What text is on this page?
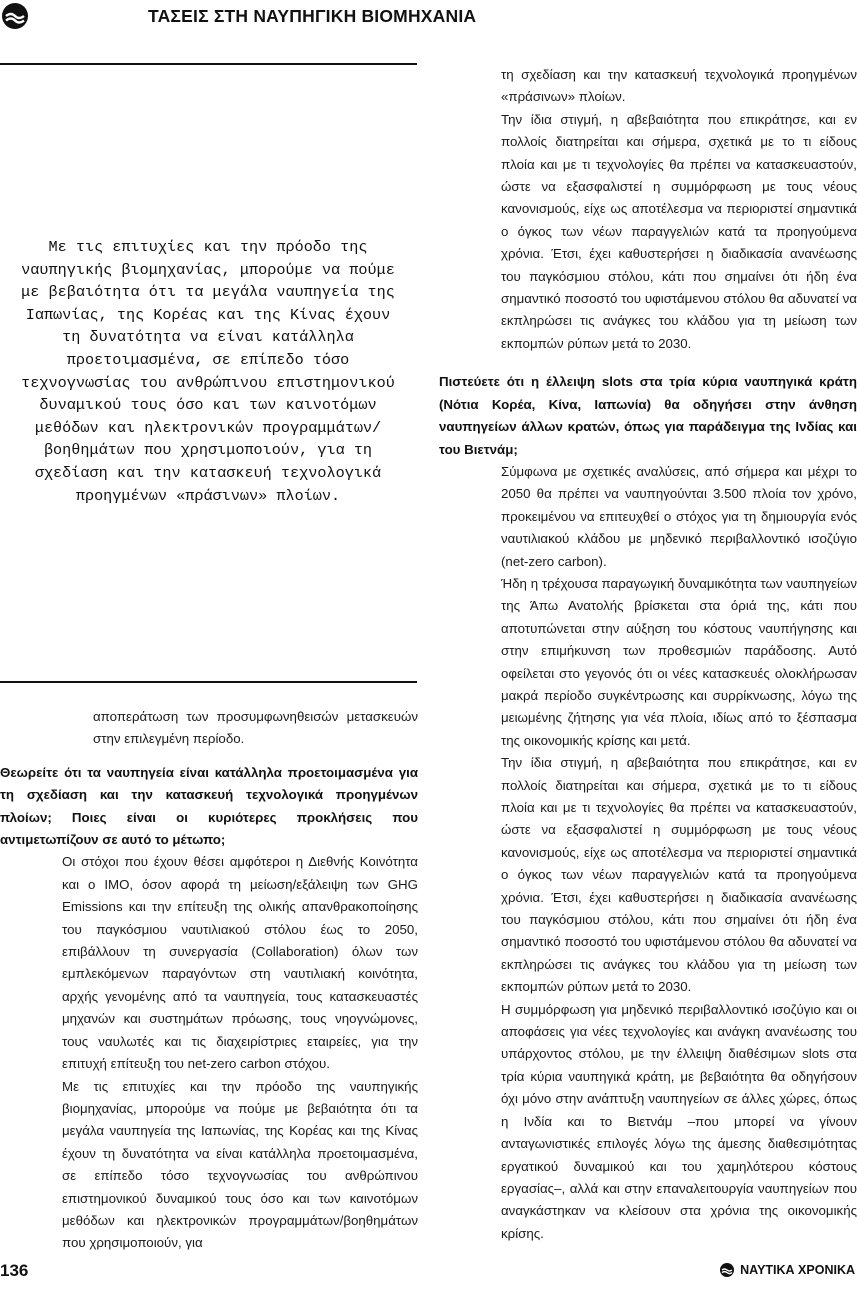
ΤΑΣΕΙΣ ΣΤΗ ΝΑΥΠΗΓΙΚΗ ΒΙΟΜΗΧΑΝΙΑ

Με τις επιτυχίες και την πρόοδο της ναυπηγικής βιομηχανίας, μπορούμε να πούμε με βεβαιότητα ότι τα μεγάλα ναυπηγεία της Ιαπωνίας, της Κορέας και της Κίνας έχουν τη δυνατότητα να είναι κατάλληλα προετοιμασμένα, σε επίπεδο τόσο τεχνογνωσίας του ανθρώπινου επιστημονικού δυναμικού τους όσο και των καινοτόμων μεθόδων και ηλεκτρονικών προγραμμάτων/ βοηθημάτων που χρησιμοποιούν, για τη σχεδίαση και την κατασκευή τεχνολογικά προηγμένων «πράσινων» πλοίων.

αποπεράτωση των προσυμφωνηθεισών μετασκευών στην επιλεγμένη περίοδο.

Θεωρείτε ότι τα ναυπηγεία είναι κατάλληλα προετοιμασμένα για τη σχεδίαση και την κατασκευή τεχνολογικά προηγμένων πλοίων; Ποιες είναι οι κυριότερες προκλήσεις που αντιμετωπίζουν σε αυτό το μέτωπο;

Οι στόχοι που έχουν θέσει αμφότεροι η Διεθνής Κοινότητα και ο IMO, όσον αφορά τη μείωση/εξάλειψη των GHG Emissions και την επίτευξη της ολικής απανθρακοποίησης του παγκόσμιου ναυτιλιακού στόλου έως το 2050, επιβάλλουν τη συνεργασία (Collaboration) όλων των εμπλεκόμενων παραγόντων στη ναυτιλιακή κοινότητα, αρχής γενομένης από τα ναυπηγεία, τους κατασκευαστές μηχανών και συστημάτων πρόωσης, τους νηογνώμονες, τους ναυλωτές και τις διαχειρίστριες εταιρείες, για την επιτυχή επίτευξη του net-zero carbon στόχου.

Με τις επιτυχίες και την πρόοδο της ναυπηγικής βιομηχανίας, μπορούμε να πούμε με βεβαιότητα ότι τα μεγάλα ναυπηγεία της Ιαπωνίας, της Κορέας και της Κίνας έχουν τη δυνατότητα να είναι κατάλληλα προετοιμασμένα, σε επίπεδο τόσο τεχνογνωσίας του ανθρώπινου επιστημονικού δυναμικού τους όσο και των καινοτόμων μεθόδων και ηλεκτρονικών προγραμμάτων/βοηθημάτων που χρησιμοποιούν, για

τη σχεδίαση και την κατασκευή τεχνολογικά προηγμένων «πράσινων» πλοίων.

Την ίδια στιγμή, η αβεβαιότητα που επικράτησε, και εν πολλοίς διατηρείται και σήμερα, σχετικά με το τι είδους πλοία και με τι τεχνολογίες θα πρέπει να κατασκευαστούν, ώστε να εξασφαλιστεί η συμμόρφωση με τους νέους κανονισμούς, είχε ως αποτέλεσμα να περιοριστεί σημαντικά ο όγκος των νέων παραγγελιών κατά τα προηγούμενα χρόνια. Έτσι, έχει καθυστερήσει η διαδικασία ανανέωσης του παγκόσμιου στόλου, κάτι που σημαίνει ότι ήδη ένα σημαντικό ποσοστό του υφιστάμενου στόλου θα αδυνατεί να εκπληρώσει τις ανάγκες του κλάδου για τη μείωση των εκπομπών ρύπων μετά το 2030.

Πιστεύετε ότι η έλλειψη slots στα τρία κύρια ναυπηγικά κράτη (Νότια Κορέα, Κίνα, Ιαπωνία) θα οδηγήσει στην άνθηση ναυπηγείων άλλων κρατών, όπως για παράδειγμα της Ινδίας και του Βιετνάμ;

Σύμφωνα με σχετικές αναλύσεις, από σήμερα και μέχρι το 2050 θα πρέπει να ναυπηγούνται 3.500 πλοία τον χρόνο, προκειμένου να επιτευχθεί ο στόχος για τη δημιουργία ενός ναυτιλιακού κλάδου με μηδενικό περιβαλλοντικό ισοζύγιο (net-zero carbon).

Ήδη η τρέχουσα παραγωγική δυναμικότητα των ναυπηγείων της Άπω Ανατολής βρίσκεται στα όριά της, κάτι που αποτυπώνεται στην αύξηση του κόστους ναυπήγησης και στην επιμήκυνση των προθεσμιών παράδοσης. Αυτό οφείλεται στο γεγονός ότι οι νέες κατασκευές ολοκλήρωσαν μακρά περίοδο συγκέντρωσης και συρρίκνωσης, λόγω της μειωμένης ζήτησης για νέα πλοία, ιδίως από το ξέσπασμα της οικονομικής κρίσης και μετά.

Την ίδια στιγμή, η αβεβαιότητα που επικράτησε, και εν πολλοίς διατηρείται και σήμερα, σχετικά με το τι είδους πλοία και με τι τεχνολογίες θα πρέπει να κατασκευαστούν, ώστε να εξασφαλιστεί η συμμόρφωση με τους νέους κανονισμούς, είχε ως αποτέλεσμα να περιοριστεί σημαντικά ο όγκος των νέων παραγγελιών κατά τα προηγούμενα χρόνια. Έτσι, έχει καθυστερήσει η διαδικασία ανανέωσης του παγκόσμιου στόλου, κάτι που σημαίνει ότι ήδη ένα σημαντικό ποσοστό του υφιστάμενου στόλου θα αδυνατεί να εκπληρώσει τις ανάγκες του κλάδου για τη μείωση των εκπομπών ρύπων μετά το 2030.

Η συμμόρφωση για μηδενικό περιβαλλοντικό ισοζύγιο και οι αποφάσεις για νέες τεχνολογίες και ανάγκη ανανέωσης του υπάρχοντος στόλου, με την έλλειψη διαθέσιμων slots στα τρία κύρια ναυπηγικά κράτη, με βεβαιότητα θα οδηγήσουν όχι μόνο στην ανάπτυξη ναυπηγείων σε άλλες χώρες, όπως η Ινδία και το Βιετνάμ –που μπορεί να γίνουν ανταγωνιστικές επιλογές λόγω της άμεσης διαθεσιμότητας εργατικού δυναμικού και του χαμηλότερου κόστους εργασίας–, αλλά και στην επαναλειτουργία ναυπηγείων που αναγκάστηκαν να κλείσουν στα χρόνια της οικονομικής κρίσης.

136	ΝΑΥΤΙΚΑ ΧΡΟΝΙΚΑ
